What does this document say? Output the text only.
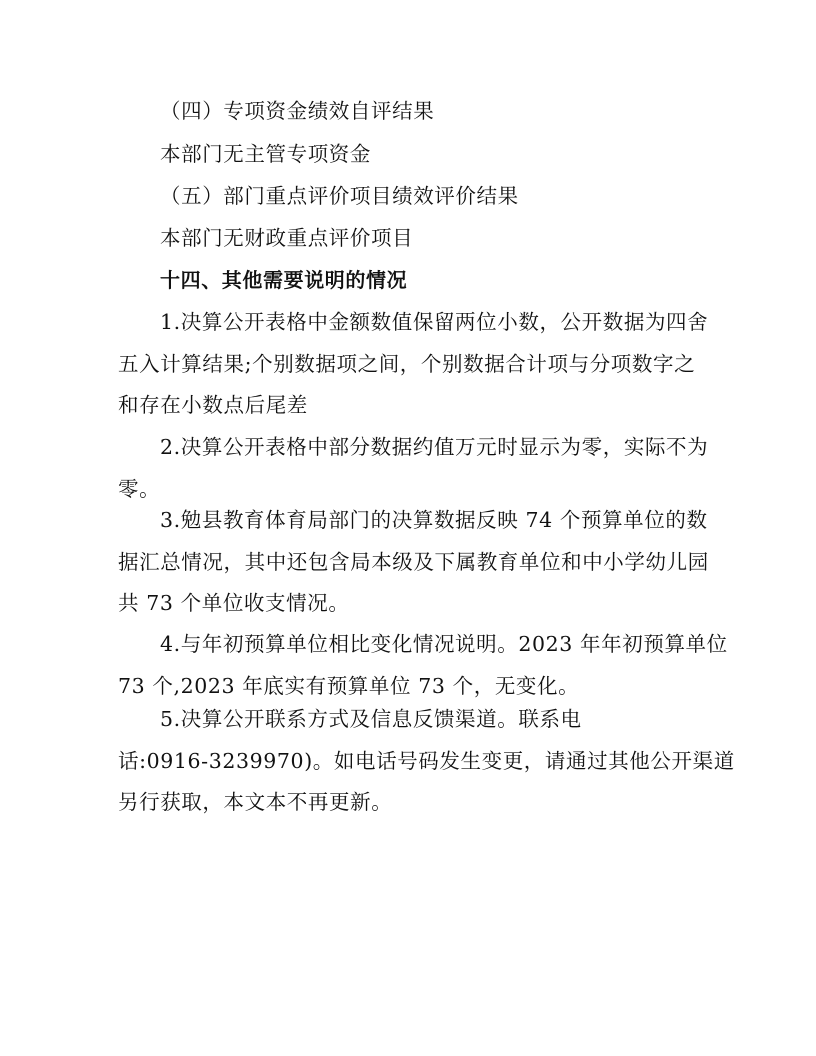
（四）专项资金绩效自评结果

本部门无主管专项资金

（五）部门重点评价项目绩效评价结果

本部门无财政重点评价项目

十四、其他需要说明的情况

1.决算公开表格中金额数值保留两位小数，公开数据为四舍
五入计算结果;个别数据项之间，个别数据合计项与分项数字之
和存在小数点后尾差
2.决算公开表格中部分数据约值万元时显示为零，实际不为
零。
3.勉县教育体育局部门的决算数据反映 74 个预算单位的数
据汇总情况，其中还包含局本级及下属教育单位和中小学幼儿园
共 73 个单位收支情况。
4.与年初预算单位相比变化情况说明。2023 年年初预算单位
73 个,2023 年底实有预算单位 73 个，无变化。
5.决算公开联系方式及信息反馈渠道。联系电
话:0916-3239970)。如电话号码发生变更，请通过其他公开渠道
另行获取，本文本不再更新。
